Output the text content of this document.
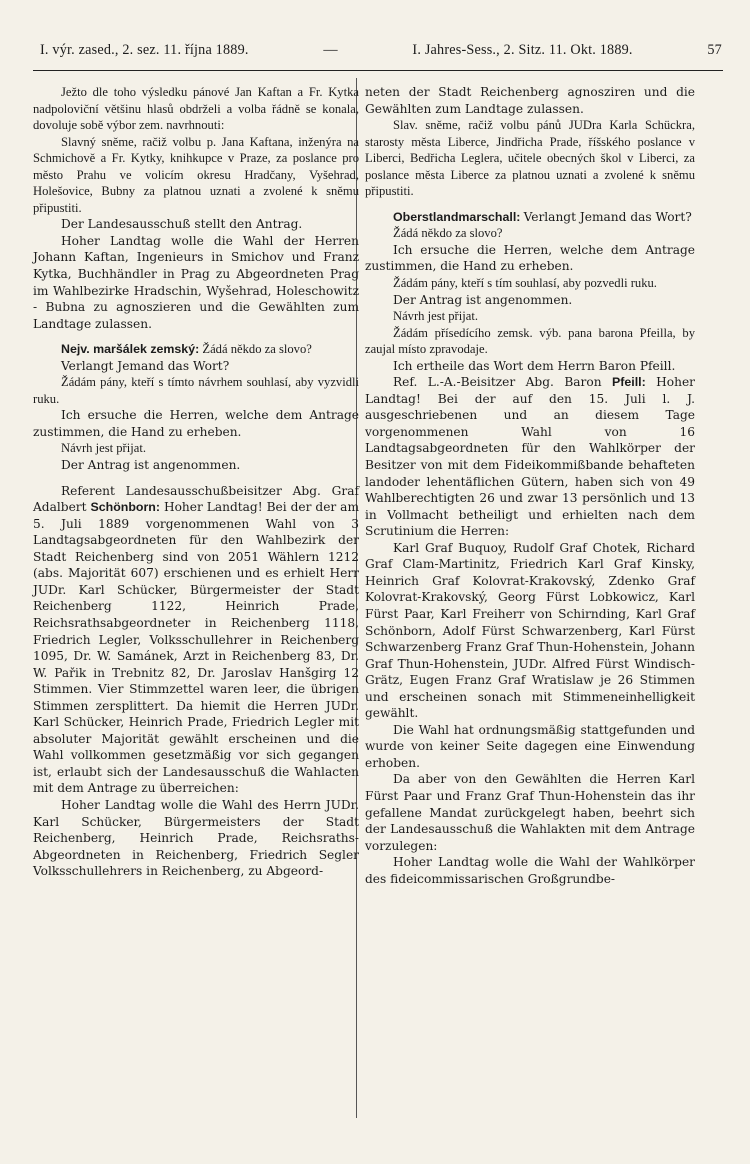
I. výr. zased., 2. sez. 11. října 1889.	—	I. Jahres-Sess., 2. Sitz. 11. Okt. 1889.	57

Ježto dle toho výsledku pánové Jan Kaftan a Fr. Kytka nadpoloviční většinu hlasů obdrželi a volba řádně se konala, dovoluje sobě výbor zem. navrhnouti:

Slavný sněme, račiž volbu p. Jana Kaftana, inženýra na Schmichově a Fr. Kytky, knihkupce v Praze, za poslance pro město Prahu ve volicím okresu Hradčany, Vyšehrad, Holešovice, Bubny za platnou uznati a zvolené k sněmu připustiti.

Der Landesausschuß stellt den Antrag.

Hoher Landtag wolle die Wahl der Herren Johann Kaftan, Ingenieurs in Smichov und Franz Kytka, Buchhändler in Prag zu Abgeordneten Prag im Wahlbezirke Hradschin, Wyšehrad, Holeschowitz - Bubna zu agnoszieren und die Gewählten zum Landtage zulassen.

Nejv. maršálek zemský: Žádá někdo za slovo?

Verlangt Jemand das Wort?

Žádám pány, kteří s tímto návrhem souhlasí, aby vyzvidli ruku.

Ich ersuche die Herren, welche dem Antrage zustimmen, die Hand zu erheben.

Návrh jest přijat.

Der Antrag ist angenommen.

Referent Landesausschußbeisitzer Abg. Graf Adalbert Schönborn: Hoher Landtag! Bei der der am 5. Juli 1889 vorgenommenen Wahl von 3 Landtagsabgeordneten für den Wahlbezirk der Stadt Reichenberg sind von 2051 Wählern 1212 (abs. Majorität 607) erschienen und es erhielt Herr JUDr. Karl Schücker, Bürgermeister der Stadt Reichenberg 1122, Heinrich Prade, Reichsrathsabgeordneter in Reichenberg 1118, Friedrich Legler, Volksschullehrer in Reichenberg 1095, Dr. W. Samánek, Arzt in Reichenberg 83, Dr. W. Pařik in Trebnitz 82, Dr. Jaroslav Hanšgirg 12 Stimmen. Vier Stimmzettel waren leer, die übrigen Stimmen zersplittert. Da hiemit die Herren JUDr. Karl Schücker, Heinrich Prade, Friedrich Legler mit absoluter Majorität gewählt erscheinen und die Wahl vollkommen gesetzmäßig vor sich gegangen ist, erlaubt sich der Landesausschuß die Wahlacten mit dem Antrage zu überreichen:

Hoher Landtag wolle die Wahl des Herrn JUDr. Karl Schücker, Bürgermeisters der Stadt Reichenberg, Heinrich Prade, Reichsraths-Abgeordneten in Reichenberg, Friedrich Segler Volksschullehrers in Reichenberg, zu Abgeord-

neten der Stadt Reichenberg agnosziren und die Gewählten zum Landtage zulassen.

Slav. sněme, račiž volbu pánů JUDra Karla Schückra, starosty města Liberce, Jindřicha Prade, říšského poslance v Liberci, Bedřicha Leglera, učitele obecných škol v Liberci, za poslance města Liberce za platnou uznati a zvolené k sněmu připustiti.

Oberstlandmarschall: Verlangt Jemand das Wort?

Žádá někdo za slovo?

Ich ersuche die Herren, welche dem Antrage zustimmen, die Hand zu erheben.

Žádám pány, kteří s tím souhlasí, aby pozvedli ruku.

Der Antrag ist angenommen.

Návrh jest přijat.

Žádám přísedícího zemsk. výb. pana barona Pfeilla, by zaujal místo zpravodaje.

Ich ertheile das Wort dem Herrn Baron Pfeill.

Ref. L.-A.-Beisitzer Abg. Baron Pfeill: Hoher Landtag! Bei der auf den 15. Juli l. J. ausgeschriebenen und an diesem Tage vorgenommenen Wahl von 16 Landtagsabgeordneten für den Wahlkörper der Besitzer von mit dem Fideikommißbande behafteten landoder lehentäflichen Gütern, haben sich von 49 Wahlberechtigten 26 und zwar 13 persönlich und 13 in Vollmacht betheiligt und erhielten nach dem Scrutinium die Herren:

Karl Graf Buquoy, Rudolf Graf Chotek, Richard Graf Clam-Martinitz, Friedrich Karl Graf Kinsky, Heinrich Graf Kolovrat-Krakovský, Zdenko Graf Kolovrat-Krakovský, Georg Fürst Lobkowicz, Karl Fürst Paar, Karl Freiherr von Schirnding, Karl Graf Schönborn, Adolf Fürst Schwarzenberg, Karl Fürst Schwarzenberg Franz Graf Thun-Hohenstein, Johann Graf Thun-Hohenstein, JUDr. Alfred Fürst Windisch-Grätz, Eugen Franz Graf Wratislaw je 26 Stimmen und erscheinen sonach mit Stimmeneinhelligkeit gewählt.

Die Wahl hat ordnungsmäßig stattgefunden und wurde von keiner Seite dagegen eine Einwendung erhoben.

Da aber von den Gewählten die Herren Karl Fürst Paar und Franz Graf Thun-Hohenstein das ihr gefallene Mandat zurückgelegt haben, beehrt sich der Landesausschuß die Wahlakten mit dem Antrage vorzulegen:

Hoher Landtag wolle die Wahl der Wahlkörper des fideicommissarischen Großgrundbe-
